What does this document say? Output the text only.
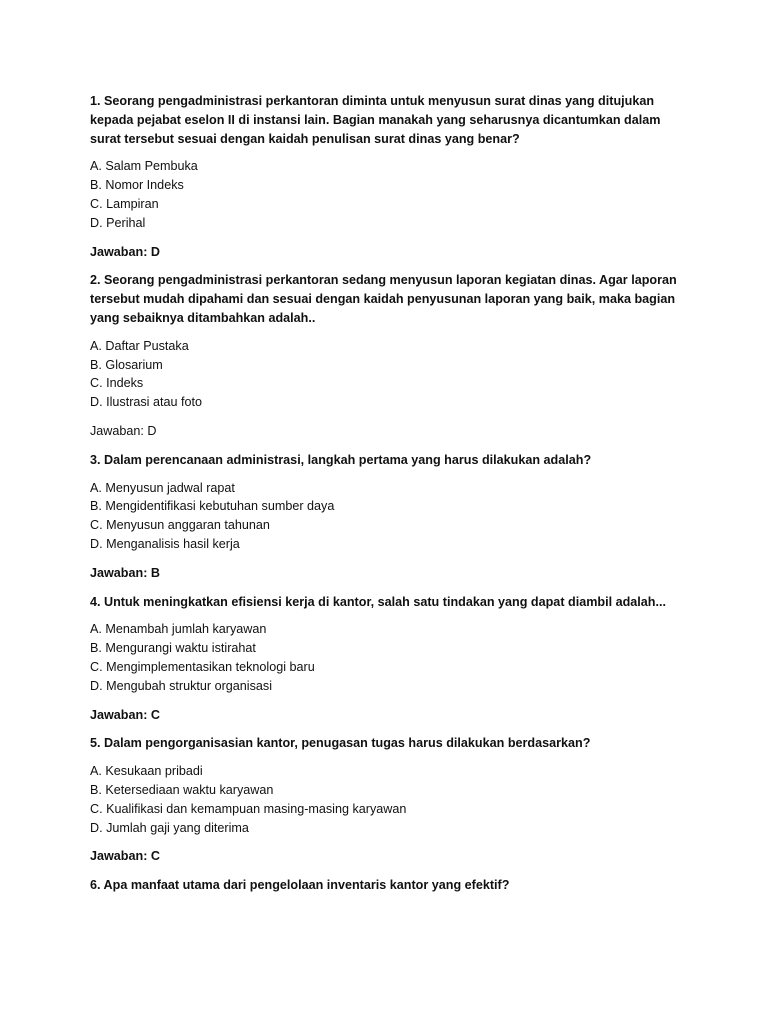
1. Seorang pengadministrasi perkantoran diminta untuk menyusun surat dinas yang ditujukan kepada pejabat eselon II di instansi lain. Bagian manakah yang seharusnya dicantumkan dalam surat tersebut sesuai dengan kaidah penulisan surat dinas yang benar?

A. Salam Pembuka
B. Nomor Indeks
C. Lampiran
D. Perihal

Jawaban: D

2. Seorang pengadministrasi perkantoran sedang menyusun laporan kegiatan dinas. Agar laporan tersebut mudah dipahami dan sesuai dengan kaidah penyusunan laporan yang baik, maka bagian yang sebaiknya ditambahkan adalah..

A. Daftar Pustaka
B. Glosarium
C. Indeks
D. Ilustrasi atau foto

Jawaban: D

3. Dalam perencanaan administrasi, langkah pertama yang harus dilakukan adalah?

A. Menyusun jadwal rapat
B. Mengidentifikasi kebutuhan sumber daya
C. Menyusun anggaran tahunan
D. Menganalisis hasil kerja

Jawaban: B

4. Untuk meningkatkan efisiensi kerja di kantor, salah satu tindakan yang dapat diambil adalah...

A. Menambah jumlah karyawan
B. Mengurangi waktu istirahat
C. Mengimplementasikan teknologi baru
D. Mengubah struktur organisasi

Jawaban: C

5. Dalam pengorganisasian kantor, penugasan tugas harus dilakukan berdasarkan?

A. Kesukaan pribadi
B. Ketersediaan waktu karyawan
C. Kualifikasi dan kemampuan masing-masing karyawan
D. Jumlah gaji yang diterima

Jawaban: C

6. Apa manfaat utama dari pengelolaan inventaris kantor yang efektif?
